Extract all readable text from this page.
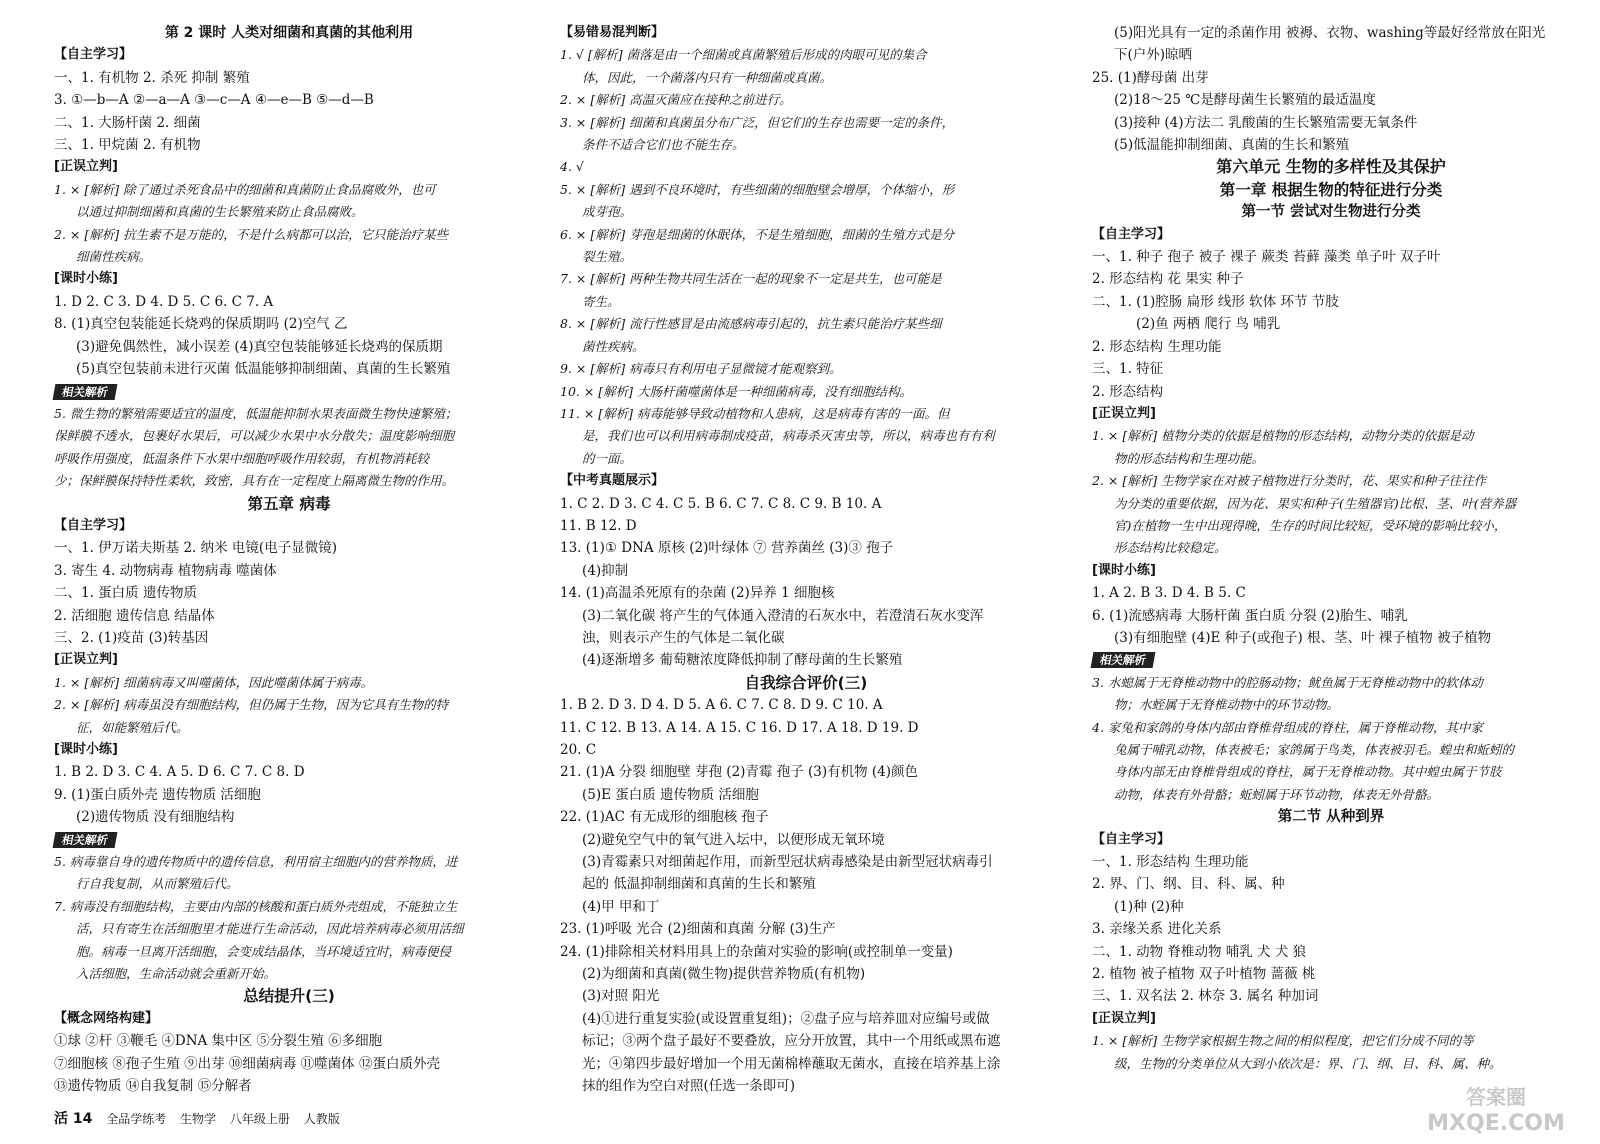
第 2 课时 人类对细菌和真菌的其他利用
【自主学习】
一、1. 有机物 2. 杀死 抑制 繁殖
3. ①—b—A ②—a—A ③—c—A ④—e—B ⑤—d—B
二、1. 大肠杆菌 2. 细菌
三、1. 甲烷菌 2. 有机物
[正误立判]
1. × [解析] 除了通过杀死食品中的细菌和真菌防止食品腐败外，也可
以通过抑制细菌和真菌的生长繁殖来防止食品腐败。
2. × [解析] 抗生素不是万能的，不是什么病都可以治，它只能治疗某些
细菌性疾病。
[课时小练]
1. D 2. C 3. D 4. D 5. C 6. C 7. A
8. (1)真空包装能延长烧鸡的保质期吗 (2)空气 乙
(3)避免偶然性，减小误差 (4)真空包装能够延长烧鸡的保质期
(5)真空包装前未进行灭菌 低温能够抑制细菌、真菌的生长繁殖
相关解析
5. 微生物的繁殖需要适宜的温度，低温能抑制水果表面微生物快速繁殖；
保鲜膜不透水，包裹好水果后，可以减少水果中水分散失；温度影响细胞
呼吸作用强度，低温条件下水果中细胞呼吸作用较弱，有机物消耗较
少；保鲜膜保持特性柔软，致密，具有在一定程度上隔离微生物的作用。
第五章 病毒
【自主学习】
一、1. 伊万诺夫斯基 2. 纳米 电镜(电子显微镜)
3. 寄生 4. 动物病毒 植物病毒 噬菌体
二、1. 蛋白质 遗传物质
2. 活细胞 遗传信息 结晶体
三、2. (1)疫苗 (3)转基因
[正误立判]
1. × [解析] 细菌病毒又叫噬菌体，因此噬菌体属于病毒。
2. × [解析] 病毒虽没有细胞结构，但仍属于生物，因为它具有生物的特
征，如能繁殖后代。
[课时小练]
1. B 2. D 3. C 4. A 5. D 6. C 7. C 8. D
9. (1)蛋白质外壳 遗传物质 活细胞
(2)遗传物质 没有细胞结构
相关解析
5. 病毒靠自身的遗传物质中的遗传信息，利用宿主细胞内的营养物质，进
行自我复制，从而繁殖后代。
7. 病毒没有细胞结构，主要由内部的核酸和蛋白质外壳组成，不能独立生
活，只有寄生在活细胞里才能进行生命活动，因此培养病毒必须用活细
胞。病毒一旦离开活细胞，会变成结晶体，当环境适宜时，病毒便侵
入活细胞，生命活动就会重新开始。
总结提升(三)
【概念网络构建】
①球 ②杆 ③鞭毛 ④DNA 集中区 ⑤分裂生殖 ⑥多细胞
⑦细胞核 ⑧孢子生殖 ⑨出芽 ⑩细菌病毒 ⑪噬菌体 ⑫蛋白质外壳
⑬遗传物质 ⑭自我复制 ⑮分解者
【易错易混判断】
1. √ [解析] 菌落是由一个细菌或真菌繁殖后形成的肉眼可见的集合
体，因此，一个菌落内只有一种细菌或真菌。
2. × [解析] 高温灭菌应在接种之前进行。
3. × [解析] 细菌和真菌虽分布广泛，但它们的生存也需要一定的条件，
条件不适合它们也不能生存。
4. √
5. × [解析] 遇到不良环境时，有些细菌的细胞壁会增厚，个体缩小，形
成芽孢。
6. × [解析] 芽孢是细菌的休眠体，不是生殖细胞，细菌的生殖方式是分
裂生殖。
7. × [解析] 两种生物共同生活在一起的现象不一定是共生，也可能是
寄生。
8. × [解析] 流行性感冒是由流感病毒引起的，抗生素只能治疗某些细
菌性疾病。
9. × [解析] 病毒只有利用电子显微镜才能观察到。
10. × [解析] 大肠杆菌噬菌体是一种细菌病毒，没有细胞结构。
11. × [解析] 病毒能够导致动植物和人患病，这是病毒有害的一面。但
是，我们也可以利用病毒制成疫苗，病毒杀灭害虫等，所以，病毒也有有利
的一面。
【中考真题展示】
1. C 2. D 3. C 4. C 5. B 6. C 7. C 8. C 9. B 10. A
11. B 12. D
13. (1)① DNA 原核 (2)叶绿体 ⑦ 营养菌丝 (3)③ 孢子
(4)抑制
14. (1)高温杀死原有的杂菌 (2)异养 1 细胞核
(3)二氧化碳 将产生的气体通入澄清的石灰水中，若澄清石灰水变浑
浊，则表示产生的气体是二氧化碳
(4)逐渐增多 葡萄糖浓度降低抑制了酵母菌的生长繁殖
自我综合评价(三)
1. B 2. D 3. D 4. D 5. A 6. C 7. C 8. D 9. C 10. A
11. C 12. B 13. A 14. A 15. C 16. D 17. A 18. D 19. D
20. C
21. (1)A 分裂 细胞壁 芽孢 (2)青霉 孢子 (3)有机物 (4)颜色
(5)E 蛋白质 遗传物质 活细胞
22. (1)AC 有无成形的细胞核 孢子
(2)避免空气中的氧气进入坛中，以便形成无氧环境
(3)青霉素只对细菌起作用，而新型冠状病毒感染是由新型冠状病毒引
起的 低温抑制细菌和真菌的生长和繁殖
(4)甲 甲和丁
23. (1)呼吸 光合 (2)细菌和真菌 分解 (3)生产
24. (1)排除相关材料用具上的杂菌对实验的影响(或控制单一变量)
(2)为细菌和真菌(微生物)提供营养物质(有机物)
(3)对照 阳光
(4)①进行重复实验(或设置重复组)；②盘子应与培养皿对应编号或做
标记；③两个盘子最好不要叠放，应分开放置，其中一个用纸或黑布遮
光；④第四步最好增加一个用无菌棉棒蘸取无菌水，直接在培养基上涂
抹的组作为空白对照(任选一条即可)
(5)阳光具有一定的杀菌作用 被褥、衣物、washing等最好经常放在阳光
下(户外)晾晒
25. (1)酵母菌 出芽
(2)18～25 ℃是酵母菌生长繁殖的最适温度
(3)接种 (4)方法二 乳酸菌的生长繁殖需要无氧条件
(5)低温能抑制细菌、真菌的生长和繁殖
第六单元 生物的多样性及其保护
第一章 根据生物的特征进行分类
第一节 尝试对生物进行分类
【自主学习】
一、1. 种子 孢子 被子 裸子 蕨类 苔藓 藻类 单子叶 双子叶
2. 形态结构 花 果实 种子
二、1. (1)腔肠 扁形 线形 软体 环节 节肢
(2)鱼 两栖 爬行 鸟 哺乳
2. 形态结构 生理功能
三、1. 特征
2. 形态结构
[正误立判]
1. × [解析] 植物分类的依据是植物的形态结构，动物分类的依据是动
物的形态结构和生理功能。
2. × [解析] 生物学家在对被子植物进行分类时，花、果实和种子往往作
为分类的重要依据，因为花、果实和种子(生殖器官)比根、茎、叶(营养器
官)在植物一生中出现得晚，生存的时间比较短，受环境的影响比较小，
形态结构比较稳定。
[课时小练]
1. A 2. B 3. D 4. B 5. C
6. (1)流感病毒 大肠杆菌 蛋白质 分裂 (2)胎生、哺乳
(3)有细胞壁 (4)E 种子(或孢子) 根、茎、叶 裸子植物 被子植物
相关解析
3. 水螅属于无脊椎动物中的腔肠动物；鱿鱼属于无脊椎动物中的软体动
物；水蛭属于无脊椎动物中的环节动物。
4. 家兔和家鸽的身体内部由脊椎骨组成的脊柱，属于脊椎动物，其中家
兔属于哺乳动物，体表被毛；家鸽属于鸟类，体表被羽毛。蝗虫和蚯蚓的
身体内部无由脊椎骨组成的脊柱，属于无脊椎动物。其中蝗虫属于节肢
动物，体表有外骨骼；蚯蚓属于环节动物，体表无外骨骼。
第二节 从种到界
【自主学习】
一、1. 形态结构 生理功能
2. 界、门、纲、目、科、属、种
(1)种 (2)种
3. 亲缘关系 进化关系
二、1. 动物 脊椎动物 哺乳 犬 犬 狼
2. 植物 被子植物 双子叶植物 蔷薇 桃
三、1. 双名法 2. 林奈 3. 属名 种加词
[正误立判]
1. × [解析] 生物学家根据生物之间的相似程度，把它们分成不同的等
级，生物的分类单位从大到小依次是：界、门、纲、目、科、属、种。
活 14 全品学练考 生物学 八年级上册 人教版
答案圈
MXQE.COM
